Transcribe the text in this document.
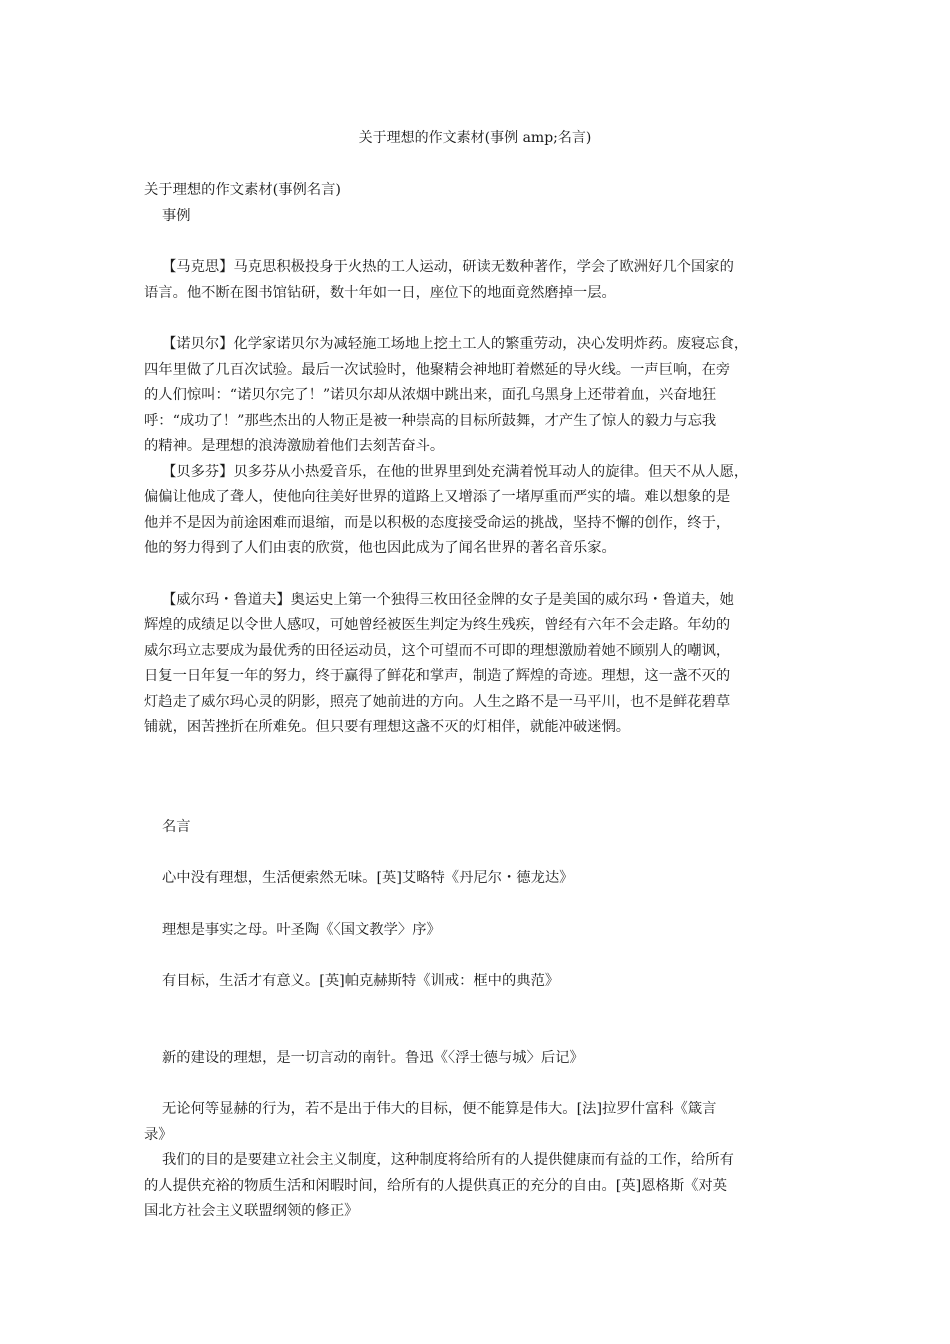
关于理想的作文素材(事例 amp;名言)
关于理想的作文素材(事例名言)
事例
【马克思】马克思积极投身于火热的工人运动，研读无数种著作，学会了欧洲好几个国家的
语言。他不断在图书馆钻研，数十年如一日，座位下的地面竟然磨掉一层。
【诺贝尔】化学家诺贝尔为减轻施工场地上挖土工人的繁重劳动，决心发明炸药。废寝忘食，
四年里做了几百次试验。最后一次试验时，他聚精会神地盯着燃延的导火线。一声巨响，在旁
的人们惊叫：“诺贝尔完了！”诺贝尔却从浓烟中跳出来，面孔乌黑身上还带着血，兴奋地狂
呼：“成功了！”那些杰出的人物正是被一种崇高的目标所鼓舞，才产生了惊人的毅力与忘我
的精神。是理想的浪涛激励着他们去刻苦奋斗。
【贝多芬】贝多芬从小热爱音乐，在他的世界里到处充满着悦耳动人的旋律。但天不从人愿，
偏偏让他成了聋人，使他向往美好世界的道路上又增添了一堵厚重而严实的墙。难以想象的是
他并不是因为前途困难而退缩，而是以积极的态度接受命运的挑战，坚持不懈的创作，终于，
他的努力得到了人们由衷的欣赏，他也因此成为了闻名世界的著名音乐家。
【威尔玛・鲁道夫】奥运史上第一个独得三枚田径金牌的女子是美国的威尔玛・鲁道夫，她
辉煌的成绩足以令世人感叹，可她曾经被医生判定为终生残疾，曾经有六年不会走路。年幼的
威尔玛立志要成为最优秀的田径运动员，这个可望而不可即的理想激励着她不顾别人的嘲讽，
日复一日年复一年的努力，终于赢得了鲜花和掌声，制造了辉煌的奇迹。理想，这一盏不灭的
灯趋走了威尔玛心灵的阴影，照亮了她前进的方向。人生之路不是一马平川，也不是鲜花碧草
铺就，困苦挫折在所难免。但只要有理想这盏不灭的灯相伴，就能冲破迷惘。
名言
心中没有理想，生活便索然无味。[英]艾略特《丹尼尔・德龙达》
理想是事实之母。叶圣陶《〈国文教学〉序》
有目标，生活才有意义。[英]帕克赫斯特《训戒：框中的典范》
新的建设的理想，是一切言动的南针。鲁迅《〈浮士德与城〉后记》
无论何等显赫的行为，若不是出于伟大的目标，便不能算是伟大。[法]拉罗什富科《箴言
录》
我们的目的是要建立社会主义制度，这种制度将给所有的人提供健康而有益的工作，给所有
的人提供充裕的物质生活和闲暇时间，给所有的人提供真正的充分的自由。[英]恩格斯《对英
国北方社会主义联盟纲领的修正》
